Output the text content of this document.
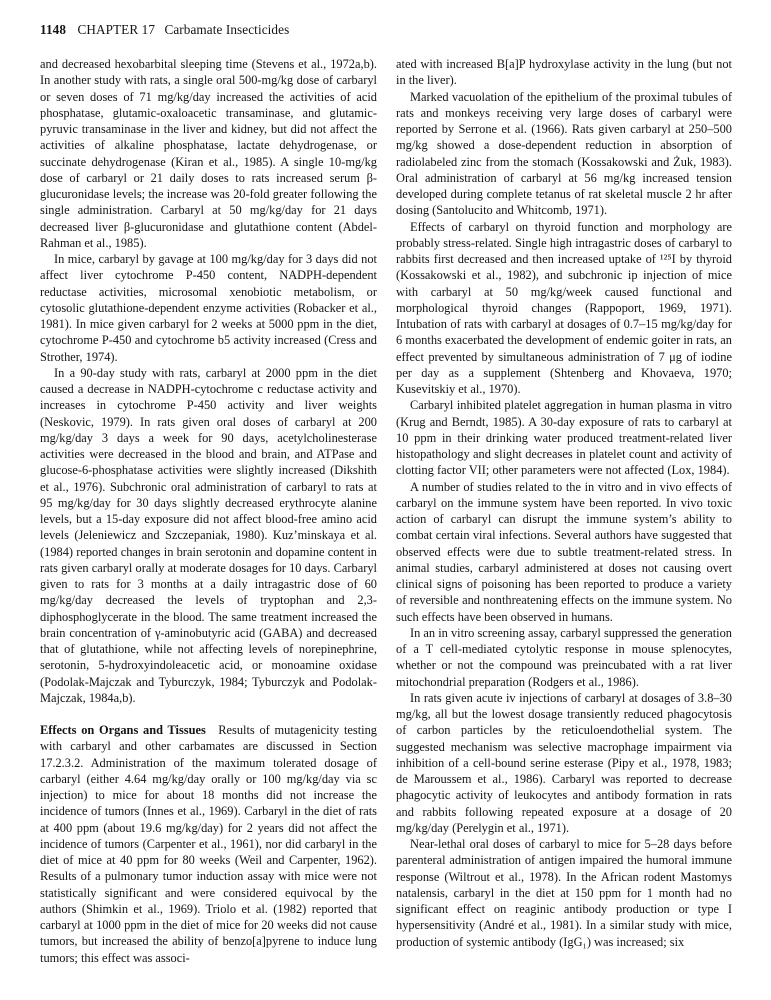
1148 CHAPTER 17 Carbamate Insecticides

and decreased hexobarbital sleeping time (Stevens et al., 1972a,b). In another study with rats, a single oral 500-mg/kg dose of carbaryl or seven doses of 71 mg/kg/day increased the activities of acid phosphatase, glutamic-oxaloacetic transaminase, and glutamic-pyruvic transaminase in the liver and kidney, but did not affect the activities of alkaline phosphatase, lactate dehydrogenase, or succinate dehydrogenase (Kiran et al., 1985). A single 10-mg/kg dose of carbaryl or 21 daily doses to rats increased serum β-glucuronidase levels; the increase was 20-fold greater following the single administration. Carbaryl at 50 mg/kg/day for 21 days decreased liver β-glucuronidase and glutathione content (Abdel-Rahman et al., 1985).

In mice, carbaryl by gavage at 100 mg/kg/day for 3 days did not affect liver cytochrome P-450 content, NADPH-dependent reductase activities, microsomal xenobiotic metabolism, or cytosolic glutathione-dependent enzyme activities (Robacker et al., 1981). In mice given carbaryl for 2 weeks at 5000 ppm in the diet, cytochrome P-450 and cytochrome b5 activity increased (Cress and Strother, 1974).

In a 90-day study with rats, carbaryl at 2000 ppm in the diet caused a decrease in NADPH-cytochrome c reductase activity and increases in cytochrome P-450 activity and liver weights (Neskovic, 1979). In rats given oral doses of carbaryl at 200 mg/kg/day 3 days a week for 90 days, acetylcholinesterase activities were decreased in the blood and brain, and ATPase and glucose-6-phosphatase activities were slightly increased (Dikshith et al., 1976). Subchronic oral administration of carbaryl to rats at 95 mg/kg/day for 30 days slightly decreased erythrocyte alanine levels, but a 15-day exposure did not affect blood-free amino acid levels (Jeleniewicz and Szczepaniak, 1980). Kuz’minskaya et al. (1984) reported changes in brain serotonin and dopamine content in rats given carbaryl orally at moderate dosages for 10 days. Carbaryl given to rats for 3 months at a daily intragastric dose of 60 mg/kg/day decreased the levels of tryptophan and 2,3-diphosphoglycerate in the blood. The same treatment increased the brain concentration of γ-aminobutyric acid (GABA) and decreased that of glutathione, while not affecting levels of norepinephrine, serotonin, 5-hydroxyindoleacetic acid, or monoamine oxidase (Podolak-Majczak and Tyburczyk, 1984; Tyburczyk and Podolak-Majczak, 1984a,b).

Effects on Organs and Tissues  Results of mutagenicity testing with carbaryl and other carbamates are discussed in Section 17.2.3.2. Administration of the maximum tolerated dosage of carbaryl (either 4.64 mg/kg/day orally or 100 mg/kg/day via sc injection) to mice for about 18 months did not increase the incidence of tumors (Innes et al., 1969). Carbaryl in the diet of rats at 400 ppm (about 19.6 mg/kg/day) for 2 years did not affect the incidence of tumors (Carpenter et al., 1961), nor did carbaryl in the diet of mice at 40 ppm for 80 weeks (Weil and Carpenter, 1962). Results of a pulmonary tumor induction assay with mice were not statistically significant and were considered equivocal by the authors (Shimkin et al., 1969). Triolo et al. (1982) reported that carbaryl at 1000 ppm in the diet of mice for 20 weeks did not cause tumors, but increased the ability of benzo[a]pyrene to induce lung tumors; this effect was associ-

ated with increased B[a]P hydroxylase activity in the lung (but not in the liver).

Marked vacuolation of the epithelium of the proximal tubules of rats and monkeys receiving very large doses of carbaryl were reported by Serrone et al. (1966). Rats given carbaryl at 250–500 mg/kg showed a dose-dependent reduction in absorption of radiolabeled zinc from the stomach (Kossakowski and Żuk, 1983). Oral administration of carbaryl at 56 mg/kg increased tension developed during complete tetanus of rat skeletal muscle 2 hr after dosing (Santolucito and Whitcomb, 1971).

Effects of carbaryl on thyroid function and morphology are probably stress-related. Single high intragastric doses of carbaryl to rabbits first decreased and then increased uptake of ¹²⁵I by thyroid (Kossakowski et al., 1982), and subchronic ip injection of mice with carbaryl at 50 mg/kg/week caused functional and morphological thyroid changes (Rappoport, 1969, 1971). Intubation of rats with carbaryl at dosages of 0.7–15 mg/kg/day for 6 months exacerbated the development of endemic goiter in rats, an effect prevented by simultaneous administration of 7 μg of iodine per day as a supplement (Shtenberg and Khovaeva, 1970; Kusevitskiy et al., 1970).

Carbaryl inhibited platelet aggregation in human plasma in vitro (Krug and Berndt, 1985). A 30-day exposure of rats to carbaryl at 10 ppm in their drinking water produced treatment-related liver histopathology and slight decreases in platelet count and activity of clotting factor VII; other parameters were not affected (Lox, 1984).

A number of studies related to the in vitro and in vivo effects of carbaryl on the immune system have been reported. In vivo toxic action of carbaryl can disrupt the immune system’s ability to combat certain viral infections. Several authors have suggested that observed effects were due to subtle treatment-related stress. In animal studies, carbaryl administered at doses not causing overt clinical signs of poisoning has been reported to produce a variety of reversible and nonthreatening effects on the immune system. No such effects have been observed in humans.

In an in vitro screening assay, carbaryl suppressed the generation of a T cell-mediated cytolytic response in mouse splenocytes, whether or not the compound was preincubated with a rat liver mitochondrial preparation (Rodgers et al., 1986).

In rats given acute iv injections of carbaryl at dosages of 3.8–30 mg/kg, all but the lowest dosage transiently reduced phagocytosis of carbon particles by the reticuloendothelial system. The suggested mechanism was selective macrophage impairment via inhibition of a cell-bound serine esterase (Pipy et al., 1978, 1983; de Maroussem et al., 1986). Carbaryl was reported to decrease phagocytic activity of leukocytes and antibody formation in rats and rabbits following repeated exposure at a dosage of 20 mg/kg/day (Perelygin et al., 1971).

Near-lethal oral doses of carbaryl to mice for 5–28 days before parenteral administration of antigen impaired the humoral immune response (Wiltrout et al., 1978). In the African rodent Mastomys natalensis, carbaryl in the diet at 150 ppm for 1 month had no significant effect on reaginic antibody production or type I hypersensitivity (André et al., 1981). In a similar study with mice, production of systemic antibody (IgG₁) was increased; six
